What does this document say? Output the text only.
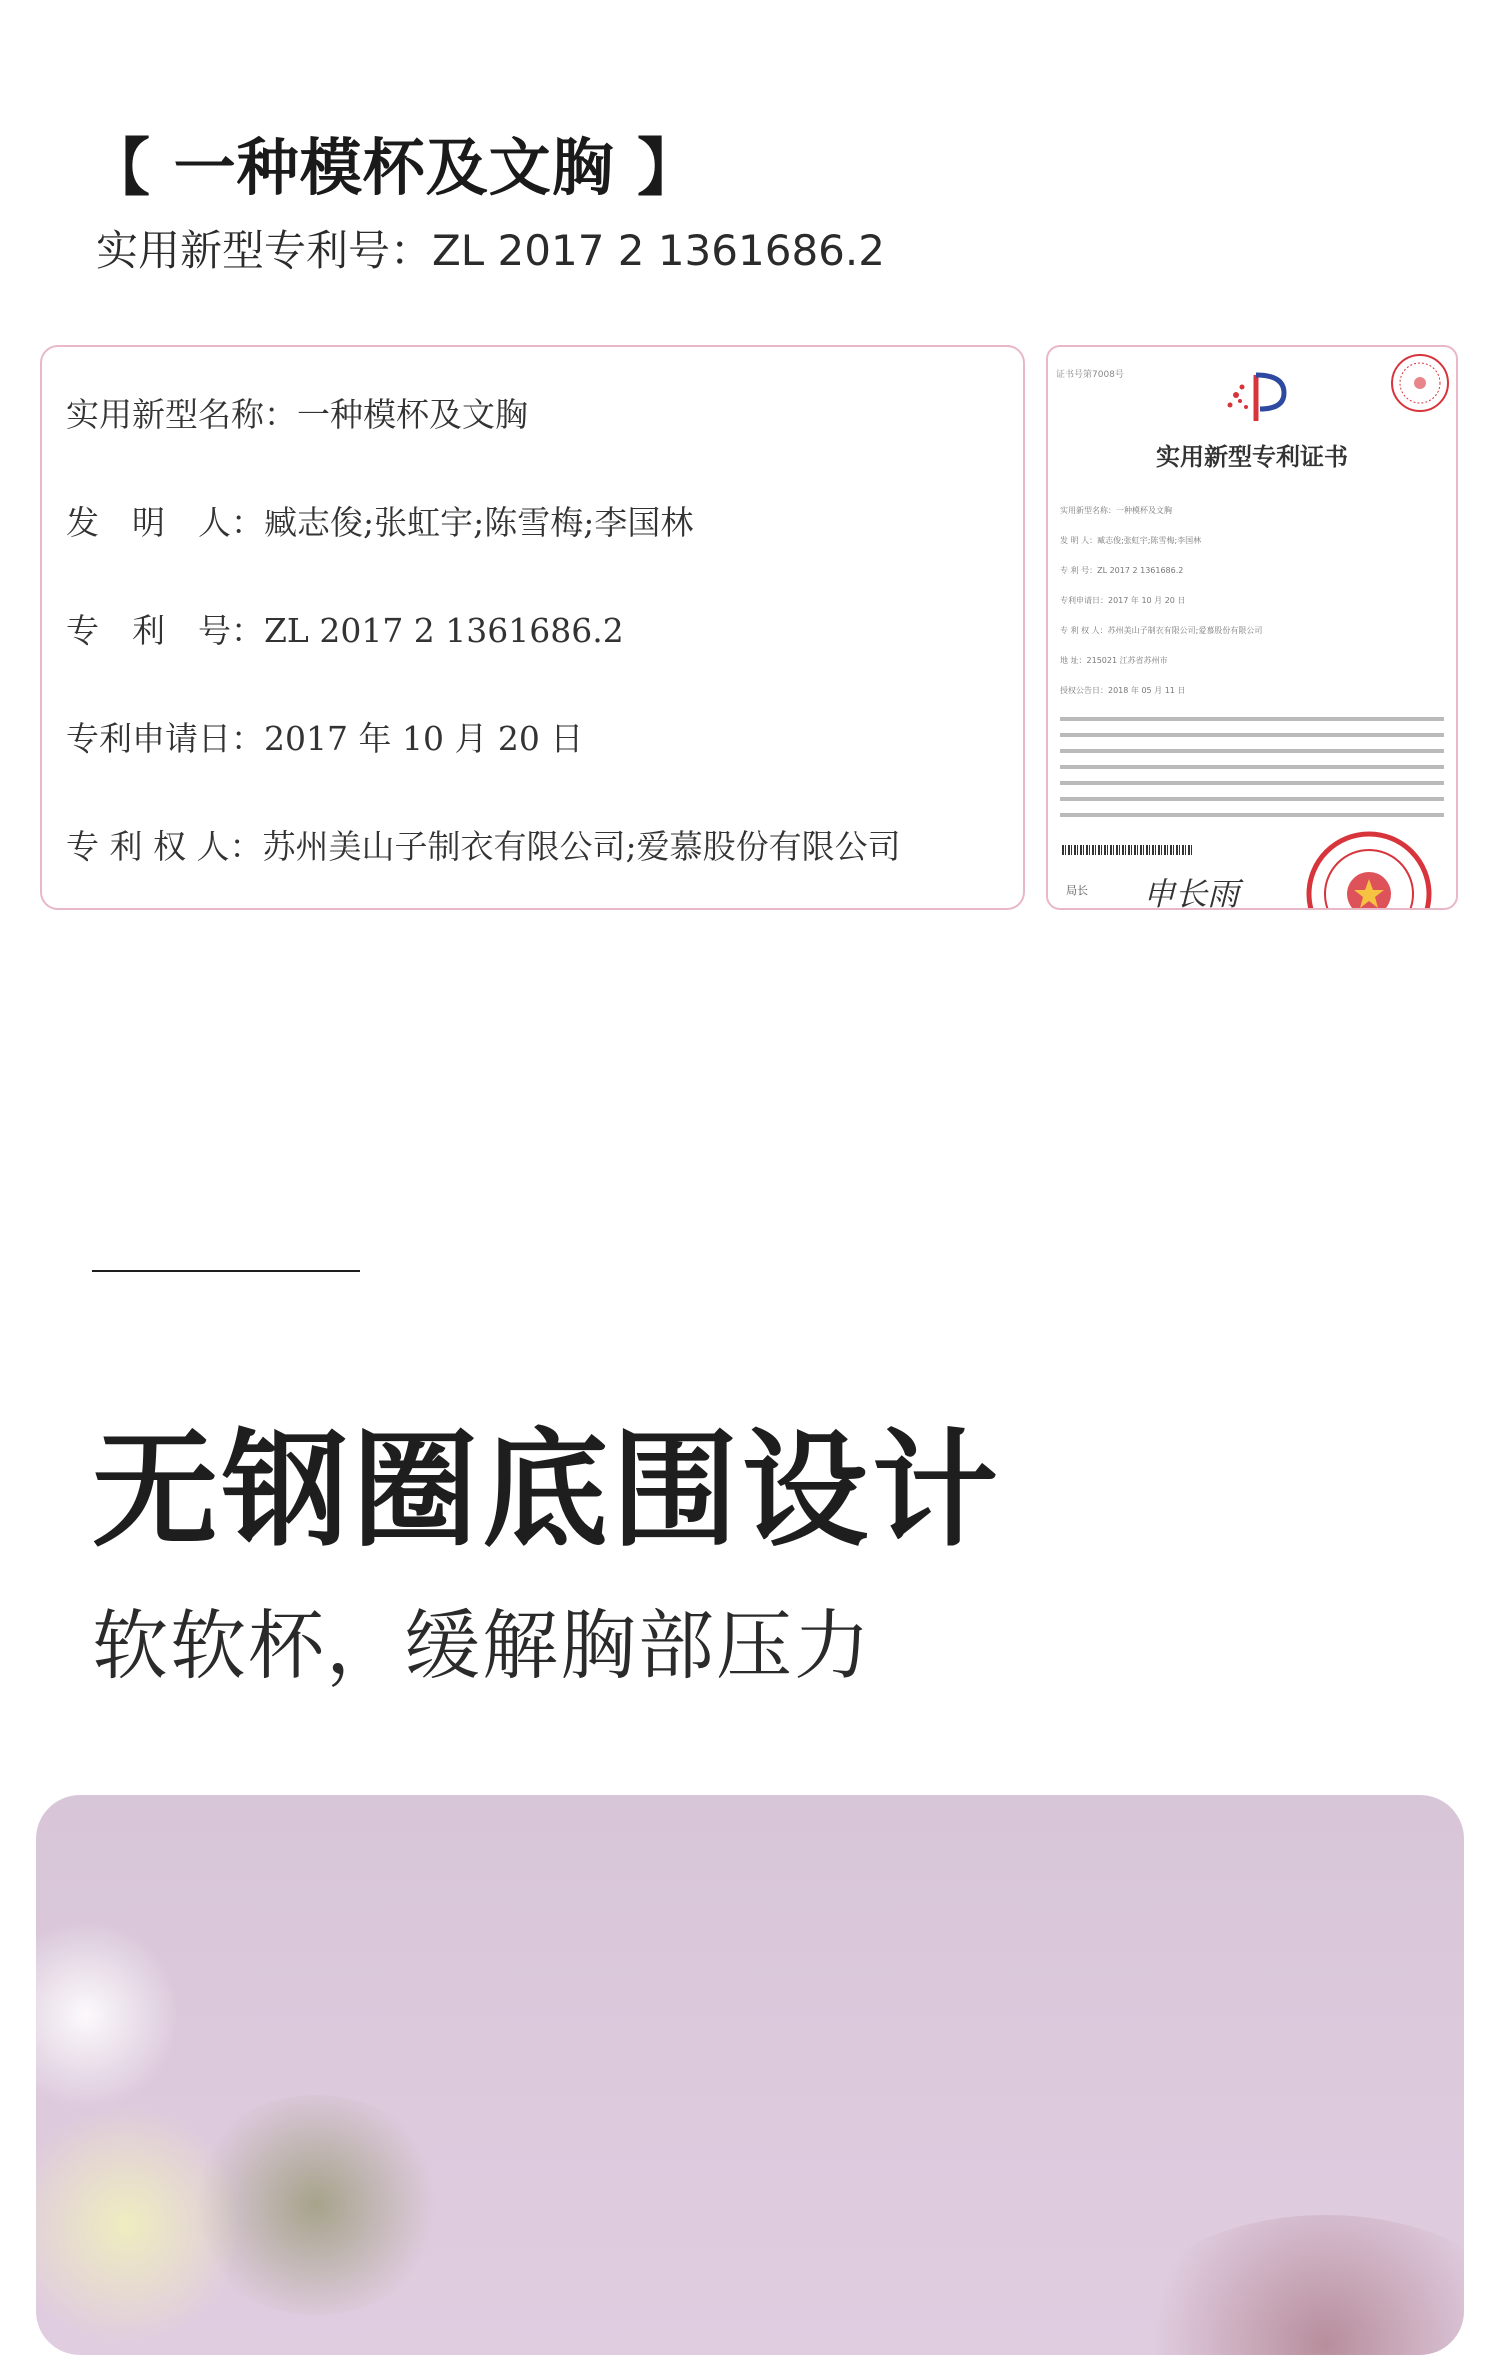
【 一种模杯及文胸 】
实用新型专利号：ZL 2017 2 1361686.2
实用新型名称：一种模杯及文胸
发　明　人：臧志俊;张虹宇;陈雪梅;李国林
专　利　号：ZL 2017 2 1361686.2
专利申请日：2017 年 10 月 20 日
专 利 权 人：苏州美山子制衣有限公司;爱慕股份有限公司
证书号第7008号
实用新型专利证书
实用新型名称：一种模杯及文胸
发 明 人：臧志俊;张虹宇;陈雪梅;李国林
专 利 号：ZL 2017 2 1361686.2
专利申请日：2017 年 10 月 20 日
专 利 权 人：苏州美山子制衣有限公司;爱慕股份有限公司
地 址：215021 江苏省苏州市
授权公告日：2018 年 05 月 11 日
局长 申长雨
无钢圈底围设计
软软杯，缓解胸部压力
